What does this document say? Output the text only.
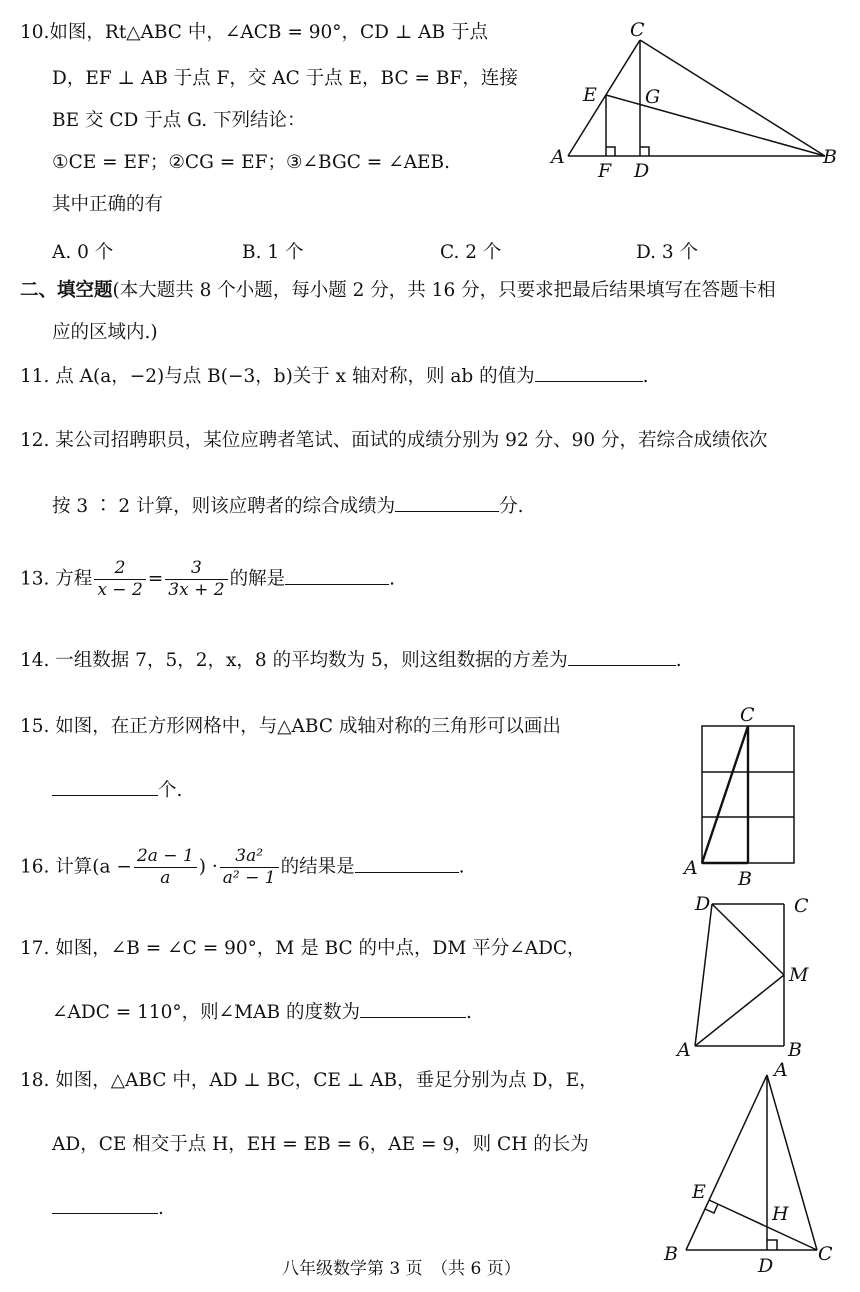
10.如图，Rt△ABC 中，∠ACB = 90°，CD ⊥ AB 于点
D，EF ⊥ AB 于点 F，交 AC 于点 E，BC = BF，连接
BE 交 CD 于点 G. 下列结论：
①CE = EF；②CG = EF；③∠BGC = ∠AEB.
其中正确的有
A. 0 个	B. 1 个	C. 2 个	D. 3 个
C
E	G
A
F D
B
二、填空题(本大题共 8 个小题，每小题 2 分，共 16 分，只要求把最后结果填写在答题卡相
应的区域内.)
11. 点 A(a，−2)与点 B(−3，b)关于 x 轴对称，则 ab 的值为	.
12. 某公司招聘职员，某位应聘者笔试、面试的成绩分别为 92 分、90 分，若综合成绩依次
按 3 ∶ 2 计算，则该应聘者的综合成绩为	分.
13. 方程 $\frac{2}{x - 2} = \frac{3}{3x + 2}$ 的解是	.
14. 一组数据 7，5，2，x，8 的平均数为 5，则这组数据的方差为	.
15. 如图，在正方形网格中，与△ABC 成轴对称的三角形可以画出
个.
C
A B
16. 计算($a - \frac{2a - 1}{a}$ ) · $\frac{\text{3a²}}{\text{a² − 1}}$ 的结果是	.
17. 如图，∠B = ∠C = 90°，M 是 BC 的中点，DM 平分∠ADC，
∠ADC = 110°，则∠MAB 的度数为	.
D	C
M
A	B
18. 如图，△ABC 中，AD ⊥ BC，CE ⊥ AB，垂足分别为点 D，E，
AD，CE 相交于点 H，EH = EB = 6，AE = 9，则 CH 的长为
.
A
E
H
B
D
C
八年级数学第 3 页　（共 6 页）
